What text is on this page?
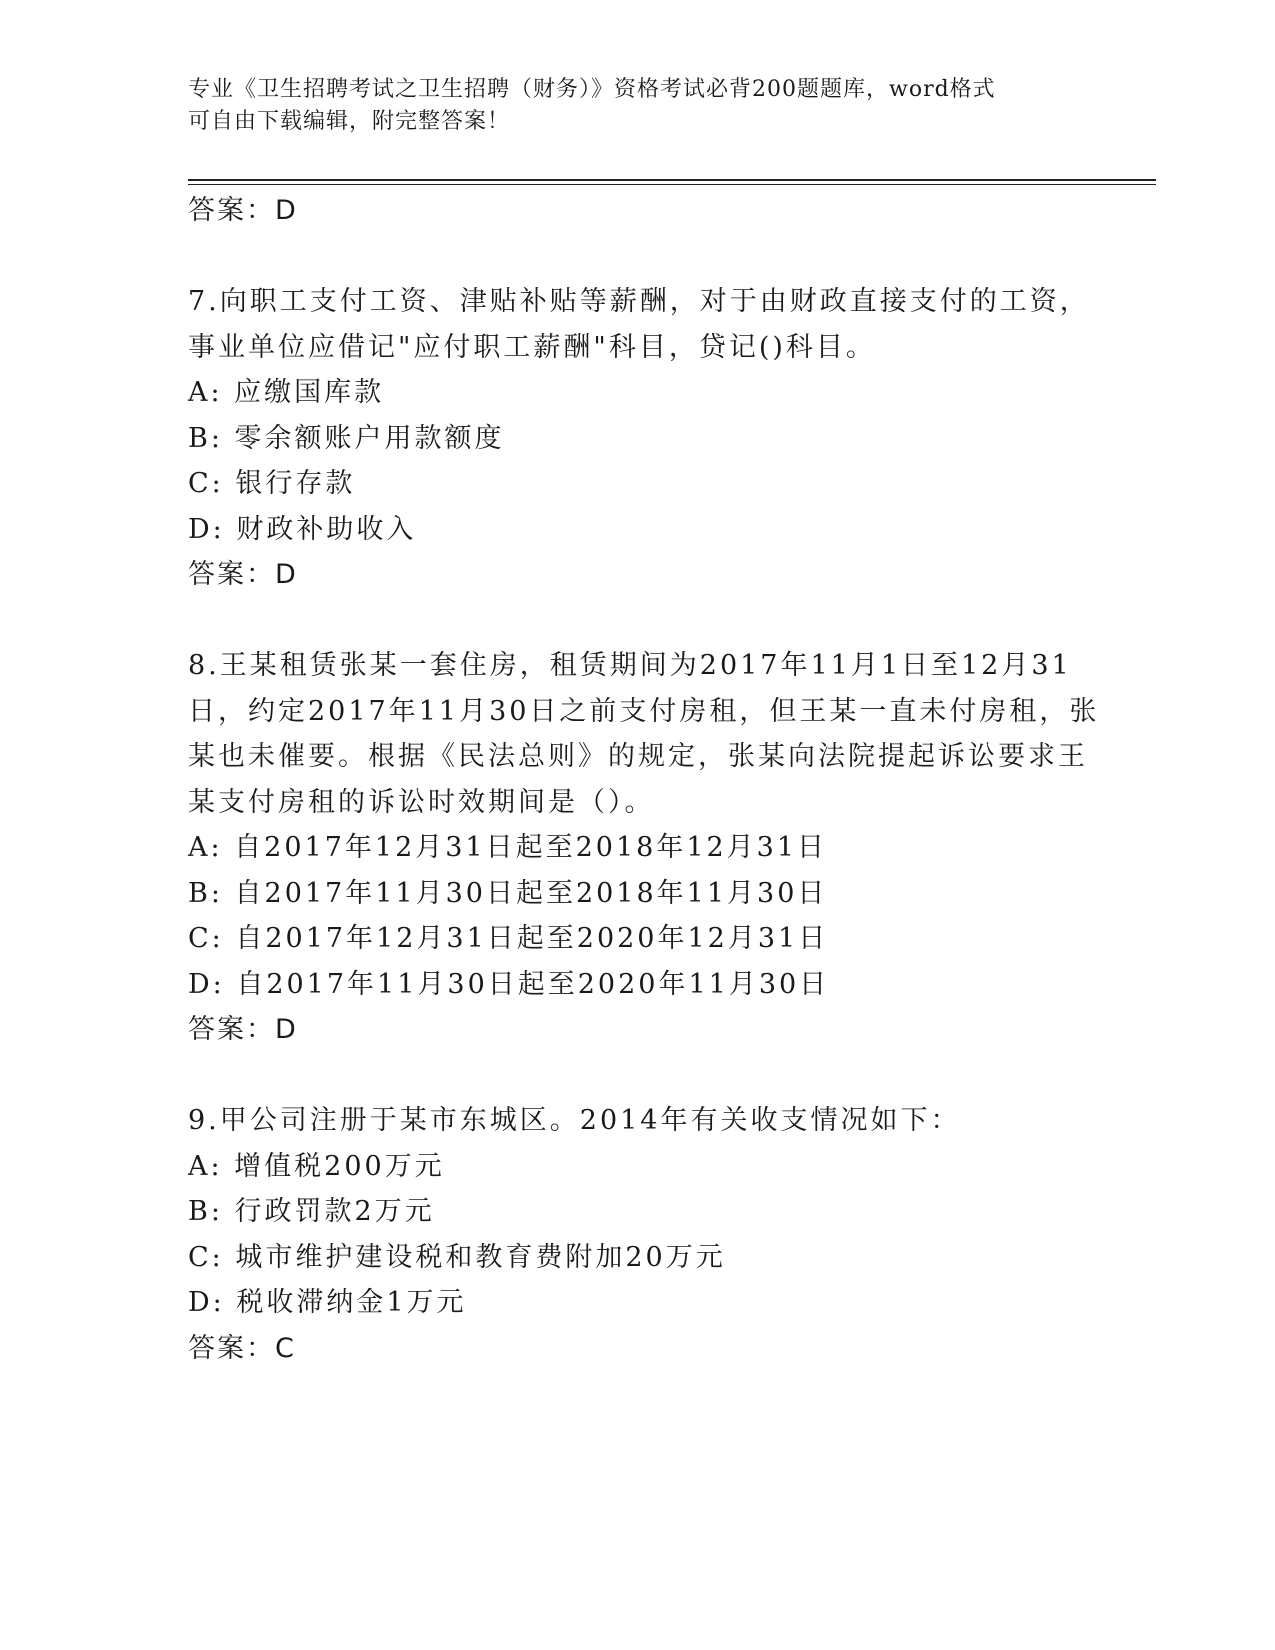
专业《卫生招聘考试之卫生招聘（财务）》资格考试必背200题题库，word格式
可自由下载编辑，附完整答案！
答案：D
7.向职工支付工资、津贴补贴等薪酬，对于由财政直接支付的工资，
事业单位应借记"应付职工薪酬"科目，贷记()科目。
A: 应缴国库款
B: 零余额账户用款额度
C: 银行存款
D: 财政补助收入
答案：D
8.王某租赁张某一套住房，租赁期间为2017年11月1日至12月31
日，约定2017年11月30日之前支付房租，但王某一直未付房租，张
某也未催要。根据《民法总则》的规定，张某向法院提起诉讼要求王
某支付房租的诉讼时效期间是（）。
A: 自2017年12月31日起至2018年12月31日
B: 自2017年11月30日起至2018年11月30日
C: 自2017年12月31日起至2020年12月31日
D: 自2017年11月30日起至2020年11月30日
答案：D
9.甲公司注册于某市东城区。2014年有关收支情况如下：
A: 增值税200万元
B: 行政罚款2万元
C: 城市维护建设税和教育费附加20万元
D: 税收滞纳金1万元
答案：C
